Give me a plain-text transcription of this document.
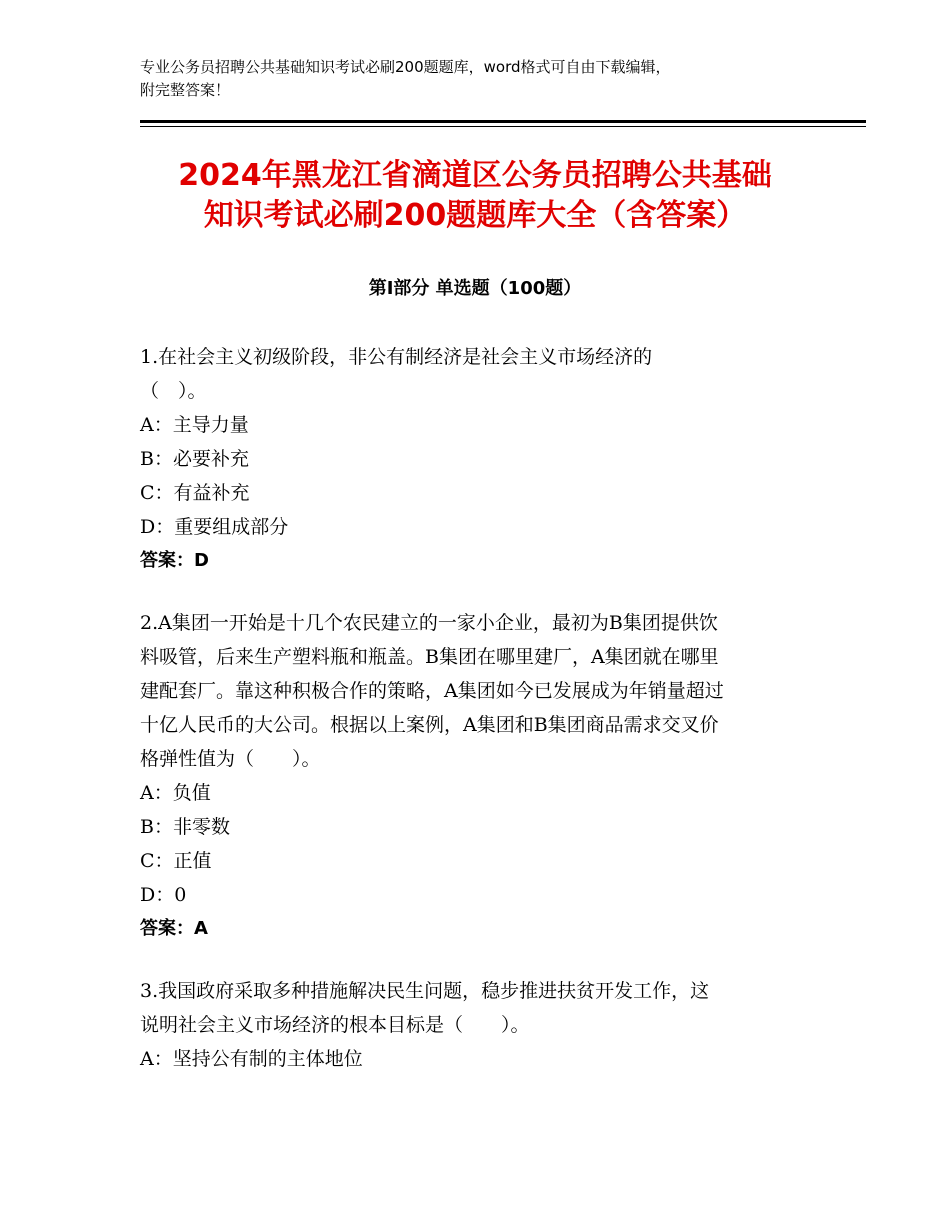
专业公务员招聘公共基础知识考试必刷200题题库，word格式可自由下载编辑，
附完整答案！
2024年黑龙江省滴道区公务员招聘公共基础
知识考试必刷200题题库大全（含答案）
第Ⅰ部分 单选题（100题）
1.在社会主义初级阶段，非公有制经济是社会主义市场经济的
（　）。
A：主导力量
B：必要补充
C：有益补充
D：重要组成部分
答案：D
2.A集团一开始是十几个农民建立的一家小企业，最初为B集团提供饮
料吸管，后来生产塑料瓶和瓶盖。B集团在哪里建厂，A集团就在哪里
建配套厂。靠这种积极合作的策略，A集团如今已发展成为年销量超过
十亿人民币的大公司。根据以上案例，A集团和B集团商品需求交叉价
格弹性值为（　　）。
A：负值
B：非零数
C：正值
D：0
答案：A
3.我国政府采取多种措施解决民生问题，稳步推进扶贫开发工作，这
说明社会主义市场经济的根本目标是（　　）。
A：坚持公有制的主体地位
